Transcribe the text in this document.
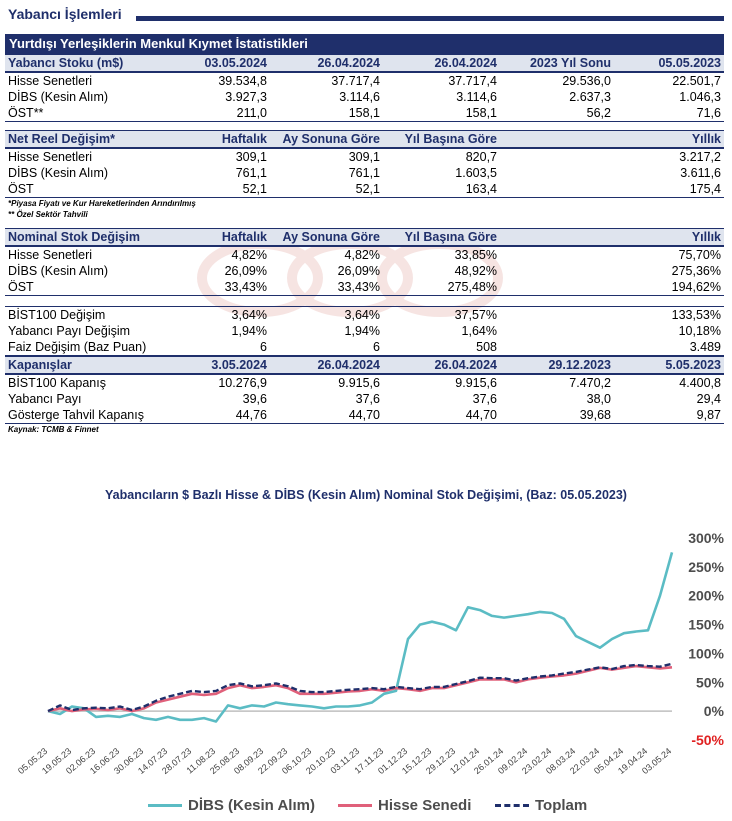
Yabancı İşlemleri
Yurtdışı Yerleşiklerin Menkul Kıymet İstatistikleri
Yabancı Stoku (m$)	03.05.2024	26.04.2024	26.04.2024	2023 Yıl Sonu	05.05.2023
Hisse Senetleri	39.534,8	37.717,4	37.717,4	29.536,0	22.501,7
DİBS (Kesin Alım)	3.927,3	3.114,6	3.114,6	2.637,3	1.046,3
ÖST**	211,0	158,1	158,1	56,2	71,6
Net Reel Değişim*	Haftalık	Ay Sonuna Göre	Yıl Başına Göre		Yıllık
Hisse Senetleri	309,1	309,1	820,7		3.217,2
DİBS (Kesin Alım)	761,1	761,1	1.603,5		3.611,6
ÖST	52,1	52,1	163,4		175,4
*Piyasa Fiyatı ve Kur Hareketlerinden Arındırılmış
** Özel Sektör Tahvili
Nominal Stok Değişim	Haftalık	Ay Sonuna Göre	Yıl Başına Göre		Yıllık
Hisse Senetleri	4,82%	4,82%	33,85%		75,70%
DİBS (Kesin Alım)	26,09%	26,09%	48,92%		275,36%
ÖST	33,43%	33,43%	275,48%		194,62%
BİST100 Değişim	3,64%	3,64%	37,57%		133,53%
Yabancı Payı Değişim	1,94%	1,94%	1,64%		10,18%
Faiz Değişim (Baz Puan)	6	6	508		3.489
Kapanışlar	3.05.2024	26.04.2024	26.04.2024	29.12.2023	5.05.2023
BİST100 Kapanış	10.276,9	9.915,6	9.915,6	7.470,2	4.400,8
Yabancı Payı	39,6	37,6	37,6	38,0	29,4
Gösterge Tahvil Kapanış	44,76	44,70	44,70	39,68	9,87
Kaynak: TCMB & Finnet
300%
250%
200%
150%
100%
50%
0%
-50%
05.05.23
19.05.23
02.06.23
16.06.23
30.06.23
14.07.23
28.07.23
11.08.23
25.08.23
08.09.23
22.09.23
06.10.23
20.10.23
03.11.23
17.11.23
01.12.23
15.12.23
29.12.23
12.01.24
26.01.24
09.02.24
23.02.24
08.03.24
22.03.24
05.04.24
19.04.24
03.05.24
Yabancıların $ Bazlı Hisse & DİBS (Kesin Alım) Nominal Stok Değişimi, (Baz: 05.05.2023)
DİBS (Kesin Alım)	Hisse Senedi	Toplam
